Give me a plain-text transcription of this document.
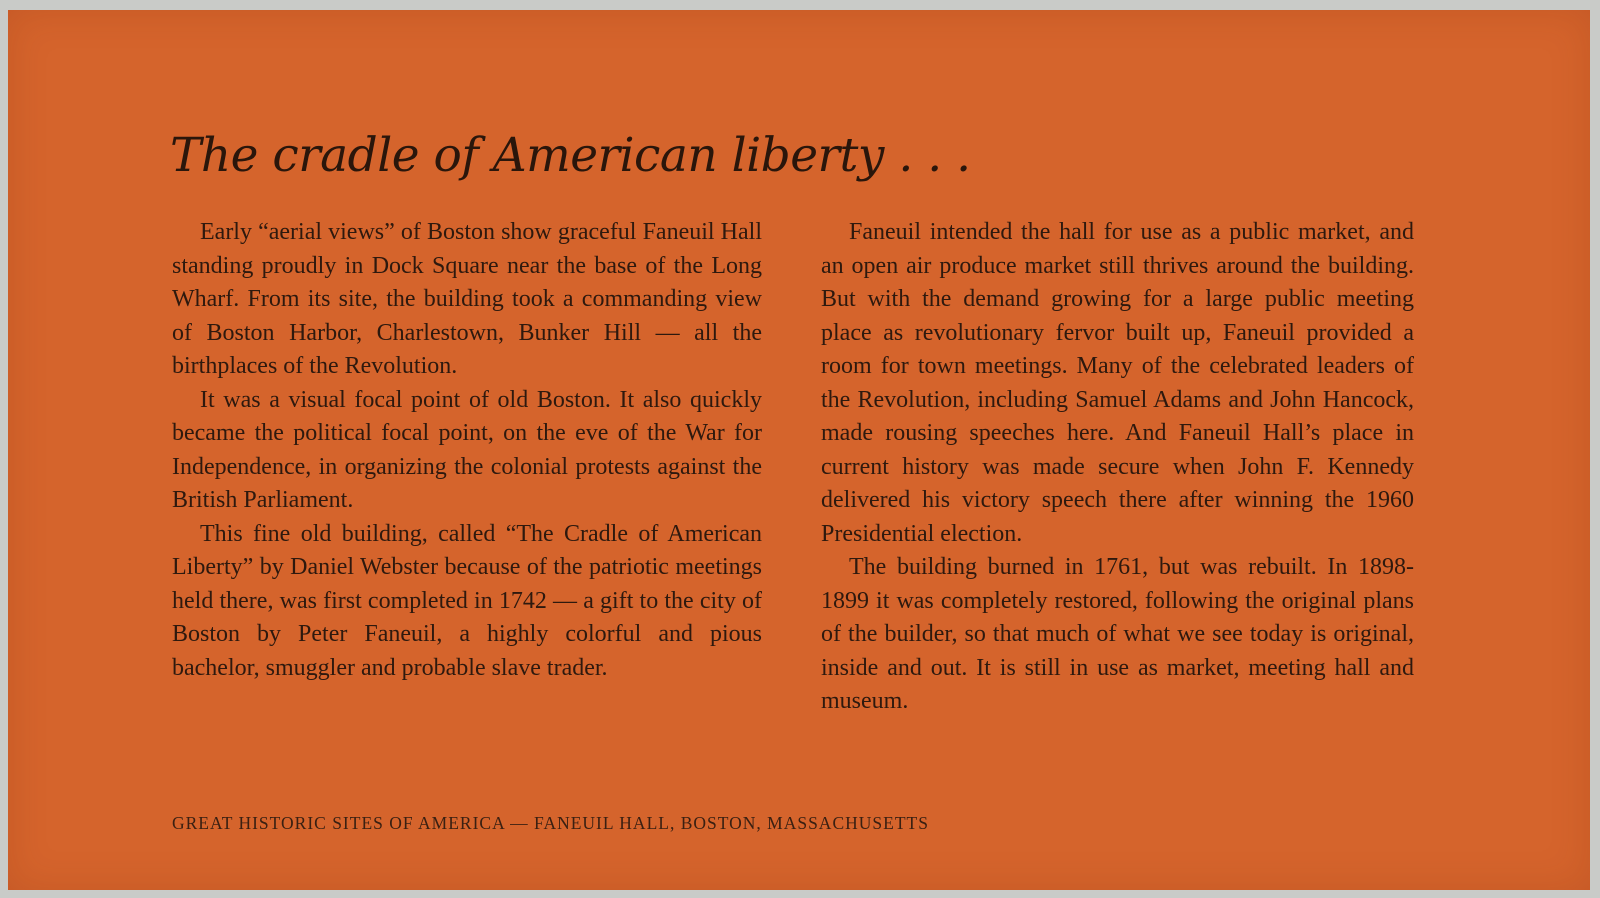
The cradle of American liberty . . .

Early “aerial views” of Boston show graceful Faneuil Hall standing proudly in Dock Square near the base of the Long Wharf. From its site, the building took a commanding view of Boston Harbor, Charlestown, Bunker Hill — all the birthplaces of the Revolution.

It was a visual focal point of old Boston. It also quickly became the political focal point, on the eve of the War for Independence, in organizing the colonial protests against the British Parliament.

This fine old building, called “The Cradle of American Liberty” by Daniel Webster because of the patriotic meetings held there, was first completed in 1742 — a gift to the city of Boston by Peter Faneuil, a highly colorful and pious bachelor, smuggler and probable slave trader.

Faneuil intended the hall for use as a public market, and an open air produce market still thrives around the building. But with the demand growing for a large public meeting place as revolutionary fervor built up, Faneuil provided a room for town meetings. Many of the celebrated leaders of the Revolution, including Samuel Adams and John Hancock, made rousing speeches here. And Faneuil Hall’s place in current history was made secure when John F. Kennedy delivered his victory speech there after winning the 1960 Presidential election.

The building burned in 1761, but was rebuilt. In 1898-1899 it was completely restored, following the original plans of the builder, so that much of what we see today is original, inside and out. It is still in use as market, meeting hall and museum.

GREAT HISTORIC SITES OF AMERICA — FANEUIL HALL, BOSTON, MASSACHUSETTS
